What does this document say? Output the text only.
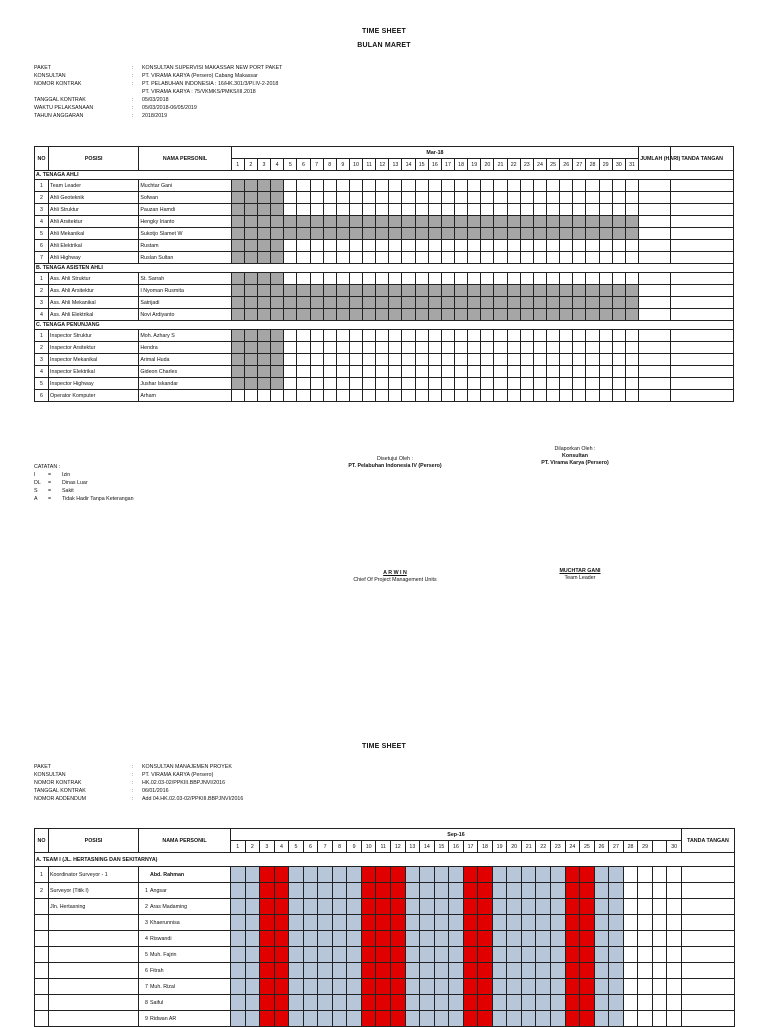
TIME SHEET
BULAN MARET
PAKET	: KONSULTAN SUPERVISI MAKASSAR NEW PORT PAKET
KONSULTAN	: PT. VIRAMA KARYA (Persero) Cabang Makassar
NOMOR KONTRAK	: PT. PELABUHAN INDONESIA : 16/HK.301/3/PI.IV-2-2018
PT. VIRAMA KARYA : 75/VKMKS/PMKS/III.2018
TANGGAL KONTRAK	: 05/03/2018
WAKTU PELAKSANAAN	: 05/03/2018-06/05/2019
TAHUN ANGGARAN	: 2018/2019
NO	POSISI	NAMA PERSONIL	Mar-18																															JUMLAH (HARI)	TANDA TANGAN
			1	2	3	4	5	6	7	8	9	10	11	12	13	14	15	16	17	18	19	20	21	22	23	24	25	26	27	28	29	30	31		
A. TENAGA AHLI																																			
1	Team Leader	Muchtar Gani																																	
2	Ahli Geoteknik	Sofwan																																	
3	Ahli Struktur	Pauzan Hamdi																																	
4	Ahli Arsitektur	Hengky Irianto																																	
5	Ahli Mekanikal	Sukotjo Slamet W																																	
6	Ahli Elektrikal	Rustam																																	
7	Ahli Highway	Ruslan Sultan																																	
B. TENAGA ASISTEN AHLI																																			
1	Ass. Ahli Struktur	St. Sarrah																																	
2	Ass. Ahli Arsitektur	I Nyoman Rusmita																																	
3	Ass. Ahli Mekanikal	Satrijadi																																	
4	Ass. Ahli Elektrikal	Novi Ardiyanto																																	
C. TENAGA PENUNJANG																																			
1	Inspector Struktur	Moh. Azhary S																																	
2	Inspector Arsitektur	Hendra																																	
3	Inspector Mekanikal	Arimal Huda																																	
4	Inspector Elektrikal	Gideon Charles																																	
5	Inspector Highway	Jushar Iskandar																																	
6	Operator Komputer	Arham																																	
Disetujui Oleh :
PT. Pelabuhan Indonesia IV (Persero)
Dilaporkan Oleh :
Konsultan
PT. Virama Karya (Persero)
CATATAN :
I = Izin
DL = Dinas Luar
S = Sakit
A = Tidak Hadir Tanpa Keterangan
A R W I N
Chief Of Project Management Units
MUCHTAR GANI
Team Leader
TIME SHEET
PAKET	: KONSULTAN MANAJEMEN PROYEK
KONSULTAN	: PT. VIRAMA KARYA (Persero)
NOMOR KONTRAK	: HK.02.03-02/PPKIII.BBPJNVI/2016
TANGGAL KONTRAK	: 06/01/2016
NOMOR ADDENDUM	: Add 04.HK.02.03-02/PPKIII.BBPJNVI/2016
NO	POSISI	NAMA PERSONIL	Sep-16																															TANDA TANGAN
			1	2	3	4	5	6	7	8	9	10	11	12	13	14	15	16	17	18	19	20	21	22	23	24	25	26	27	28	29		30	
A. TEAM I (JL. HERTASNING DAN SEKITARNYA)																																		
1	Koordinator Surveyor - 1	Abd. Rahman																																
2	Surveyor (Titik I)	1 Angsar																																
	Jln. Hertasning	2 Aras Madaming																																
		3 Khaerunnisa																																
		4 Riswandi																																
		5 Muh. Fajrin																																
		6 Fitrah																																
		7 Muh. Rizal																																
		8 Saiful																																
		9 Ridwan AR																																
